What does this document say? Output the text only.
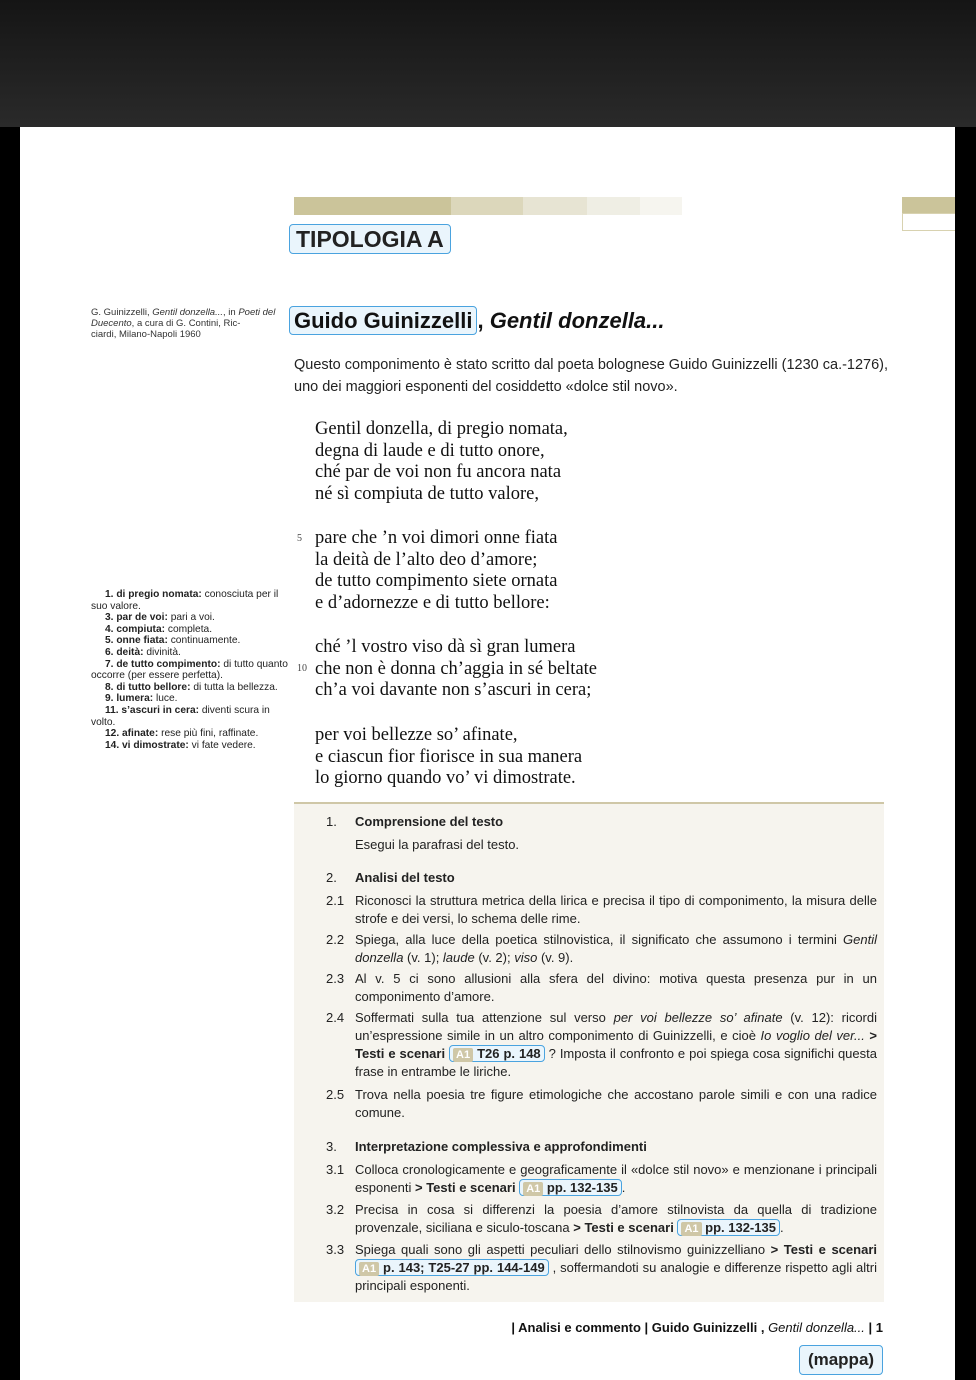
TIPOLOGIA A
G. Guinizzelli, Gentil donzella..., in Poeti del Duecento, a cura di G. Contini, Ric-
ciardi, Milano-Napoli 1960
Guido Guinizzelli , Gentil donzella...
Questo componimento è stato scritto dal poeta bolognese Guido Guinizzelli (1230 ca.-1276), uno dei maggiori esponenti del cosiddetto «dolce stil novo».
Gentil donzella, di pregio nomata,
degna di laude e di tutto onore,
ché par de voi non fu ancora nata
né sì compiuta de tutto valore,
5 pare che ’n voi dimori onne fiata
la deità de l’alto deo d’amore;
de tutto compimento siete ornata
e d’adornezze e di tutto bellore:
ché ’l vostro viso dà sì gran lumera
10 che non è donna ch’aggia in sé beltate
ch’a voi davante non s’ascuri in cera;
per voi bellezze so’ afinate,
e ciascun fior fiorisce in sua manera
lo giorno quando vo’ vi dimostrate.
1. di pregio nomata: conosciuta per il suo valore.
3. par de voi: pari a voi.
4. compiuta: completa.
5. onne fiata: continuamente.
6. deità: divinità.
7. de tutto compimento: di tutto quanto occorre (per essere perfetta).
8. di tutto bellore: di tutta la bellezza.
9. lumera: luce.
11. s’ascuri in cera: diventi scura in volto.
12. afinate: rese più fini, raffinate.
14. vi dimostrate: vi fate vedere.
1. Comprensione del testo
Esegui la parafrasi del testo.
2. Analisi del testo
2.1 Riconosci la struttura metrica della lirica e precisa il tipo di componimento, la misura delle strofe e dei versi, lo schema delle rime.
2.2 Spiega, alla luce della poetica stilnovistica, il significato che assumono i termini Gentil donzella (v. 1); laude (v. 2); viso (v. 9).
2.3 Al v. 5 ci sono allusioni alla sfera del divino: motiva questa presenza pur in un componimento d’amore.
2.4 Soffermati sulla tua attenzione sul verso per voi bellezze so’ afinate (v. 12): ricordi un’espressione simile in un altro componimento di Guinizzelli, e cioè Io voglio del ver... > Testi e scenari A1 T26 p. 148 ? Imposta il confronto e poi spiega cosa significhi questa frase in entrambe le liriche.
2.5 Trova nella poesia tre figure etimologiche che accostano parole simili e con una radice comune.
3. Interpretazione complessiva e approfondimenti
3.1 Colloca cronologicamente e geograficamente il «dolce stil novo» e menzionane i principali esponenti > Testi e scenari A1 pp. 132-135 .
3.2 Precisa in cosa si differenzi la poesia d’amore stilnovista da quella di tradizione provenzale, siciliana e siculo-toscana > Testi e scenari A1 pp. 132-135 .
3.3 Spiega quali sono gli aspetti peculiari dello stilnovismo guinizzelliano > Testi e scenari A1 p. 143; T25-27 pp. 144-149 , soffermandoti su analogie e differenze rispetto agli altri principali esponenti.
| Analisi e commento | Guido Guinizzelli , Gentil donzella... | 1
(mappa)
